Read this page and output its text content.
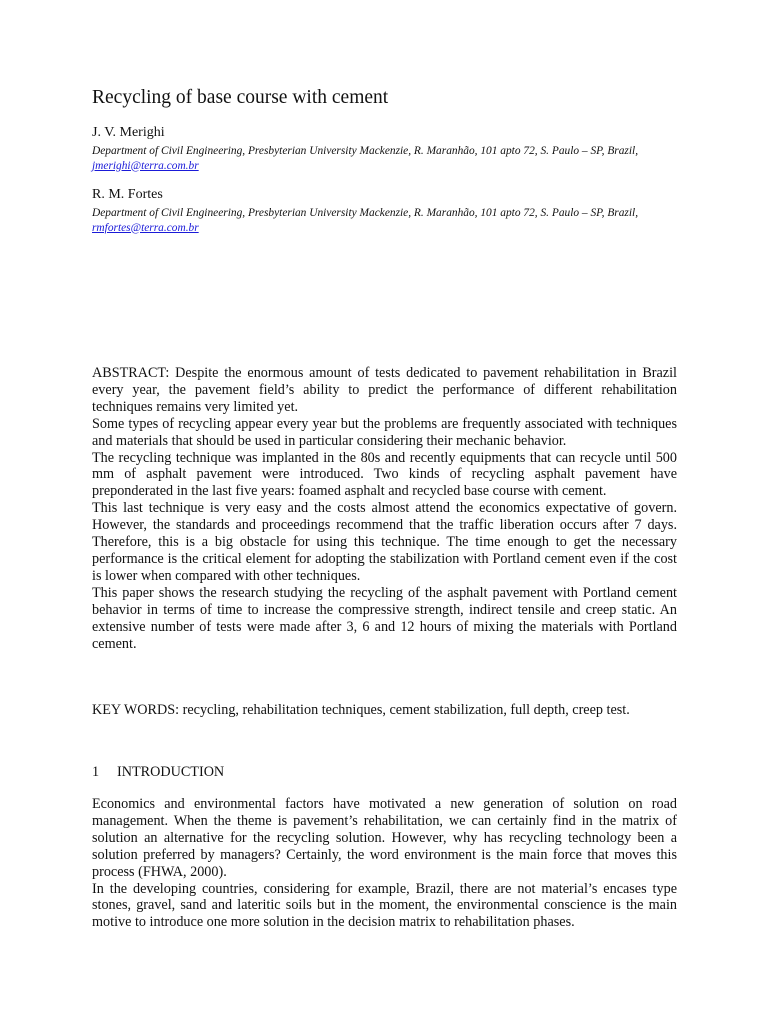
Recycling of base course with cement
J. V. Merighi
Department of Civil Engineering, Presbyterian University Mackenzie, R. Maranhão, 101 apto 72, S. Paulo – SP, Brazil, jmerighi@terra.com.br
R. M. Fortes
Department of Civil Engineering, Presbyterian University Mackenzie, R. Maranhão, 101 apto 72, S. Paulo – SP, Brazil, rmfortes@terra.com.br

ABSTRACT: Despite the enormous amount of tests dedicated to pavement rehabilitation in Brazil every year, the pavement field’s ability to predict the performance of different rehabilitation techniques remains very limited yet.

Some types of recycling appear every year but the problems are frequently associated with techniques and materials that should be used in particular considering their mechanic behavior.

The recycling technique was implanted in the 80s and recently equipments that can recycle until 500 mm of asphalt pavement were introduced. Two kinds of recycling asphalt pavement have preponderated in the last five years: foamed asphalt and recycled base course with cement.

This last technique is very easy and the costs almost attend the economics expectative of govern. However, the standards and proceedings recommend that the traffic liberation occurs after 7 days. Therefore, this is a big obstacle for using this technique. The time enough to get the necessary performance is the critical element for adopting the stabilization with Portland cement even if the cost is lower when compared with other techniques.

This paper shows the research studying the recycling of the asphalt pavement with Portland cement behavior in terms of time to increase the compressive strength, indirect tensile and creep static. An extensive number of tests were made after 3, 6 and 12 hours of mixing the materials with Portland cement.

KEY WORDS: recycling, rehabilitation techniques, cement stabilization, full depth, creep test.
1 INTRODUCTION

Economics and environmental factors have motivated a new generation of solution on road management. When the theme is pavement’s rehabilitation, we can certainly find in the matrix of solution an alternative for the recycling solution. However, why has recycling technology been a solution preferred by managers? Certainly, the word environment is the main force that moves this process (FHWA, 2000).

In the developing countries, considering for example, Brazil, there are not material’s encases type stones, gravel, sand and lateritic soils but in the moment, the environmental conscience is the main motive to introduce one more solution in the decision matrix to rehabilitation phases.
